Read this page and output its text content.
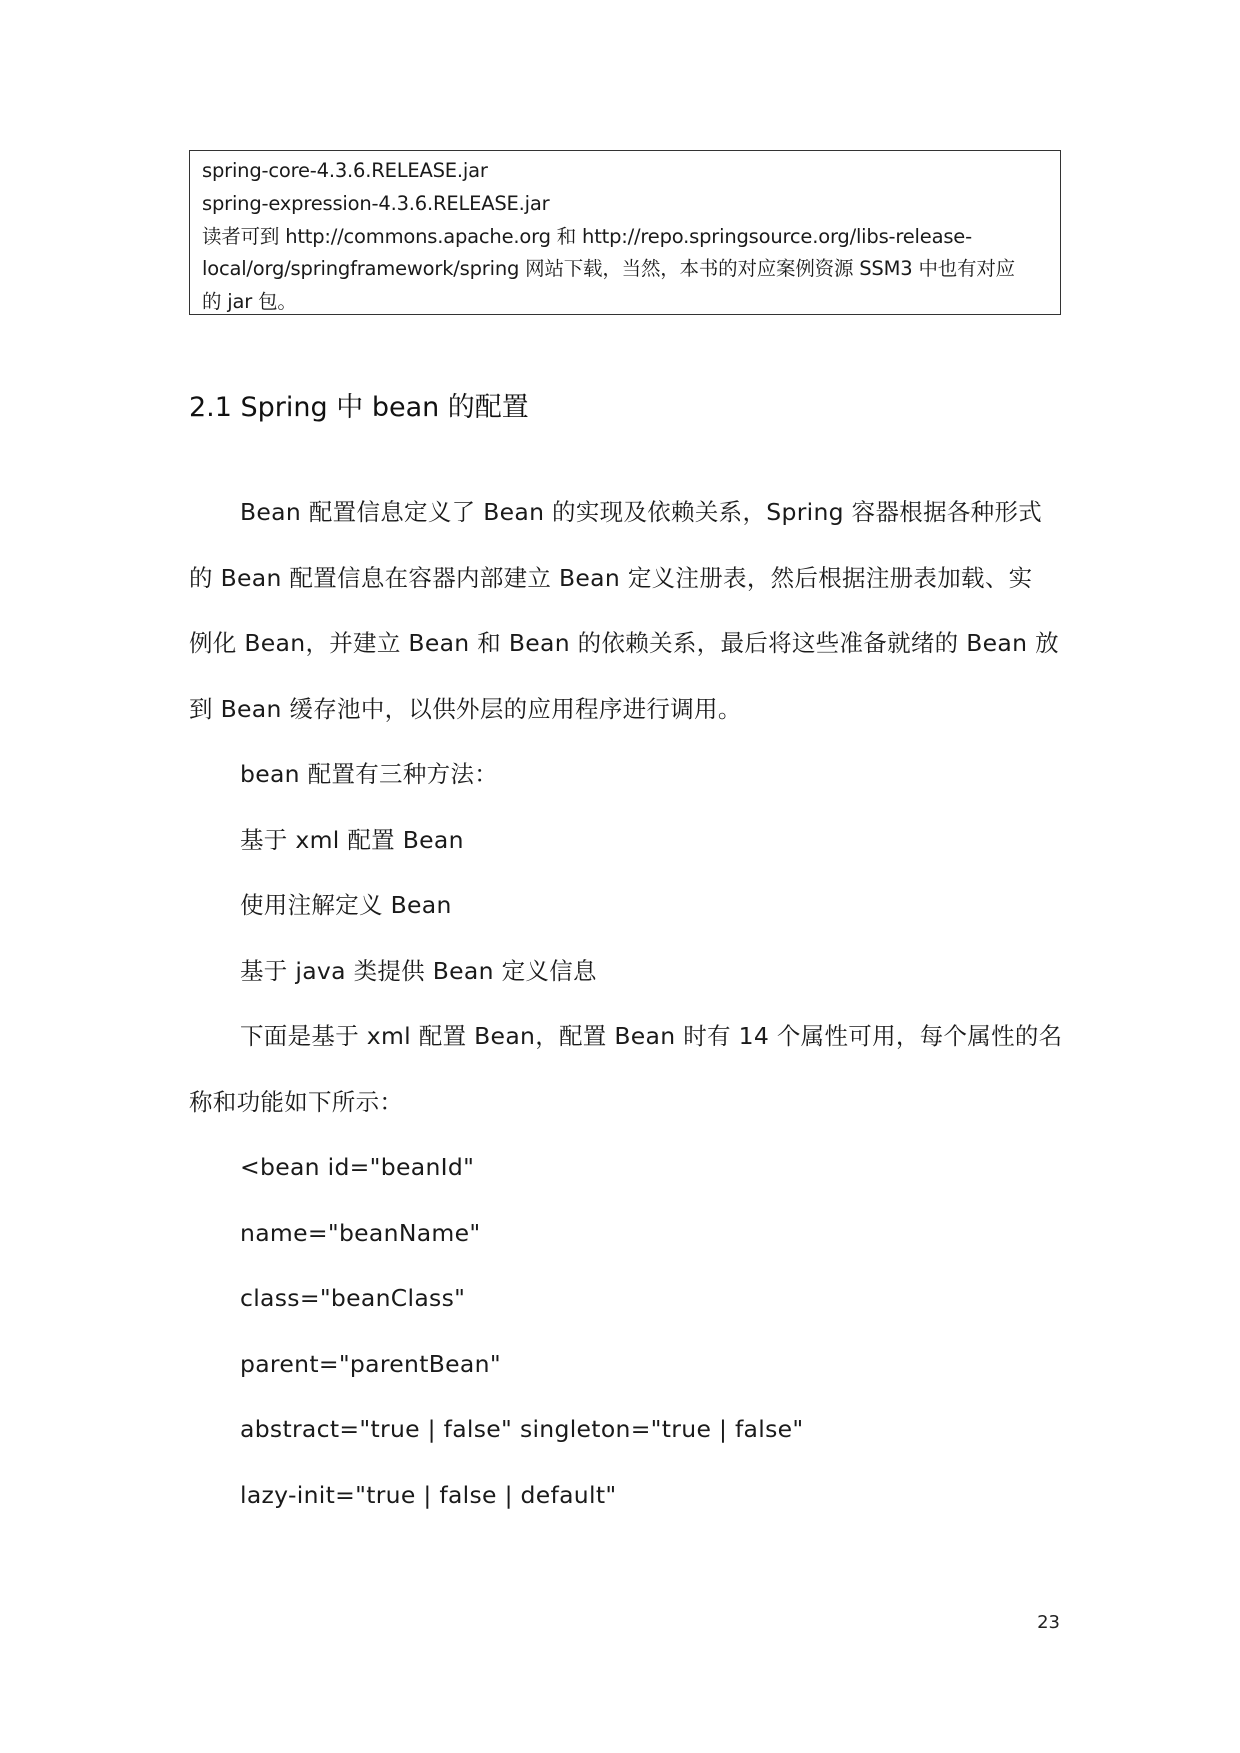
spring-core-4.3.6.RELEASE.jar
spring-expression-4.3.6.RELEASE.jar
读者可到 http://commons.apache.org 和 http://repo.springsource.org/libs-release-
local/org/springframework/spring 网站下载，当然，本书的对应案例资源 SSM3 中也有对应
的 jar 包。
2.1 Spring 中 bean 的配置
Bean 配置信息定义了 Bean 的实现及依赖关系，Spring 容器根据各种形式
的 Bean 配置信息在容器内部建立 Bean 定义注册表，然后根据注册表加载、实
例化 Bean，并建立 Bean 和 Bean 的依赖关系，最后将这些准备就绪的 Bean 放
到 Bean 缓存池中，以供外层的应用程序进行调用。
bean 配置有三种方法：
基于 xml 配置 Bean
使用注解定义 Bean
基于 java 类提供 Bean 定义信息
下面是基于 xml 配置 Bean，配置 Bean 时有 14 个属性可用，每个属性的名
称和功能如下所示：
<bean id="beanId"
name="beanName"
class="beanClass"
parent="parentBean"
abstract="true | false" singleton="true | false"
lazy-init="true | false | default"
23
